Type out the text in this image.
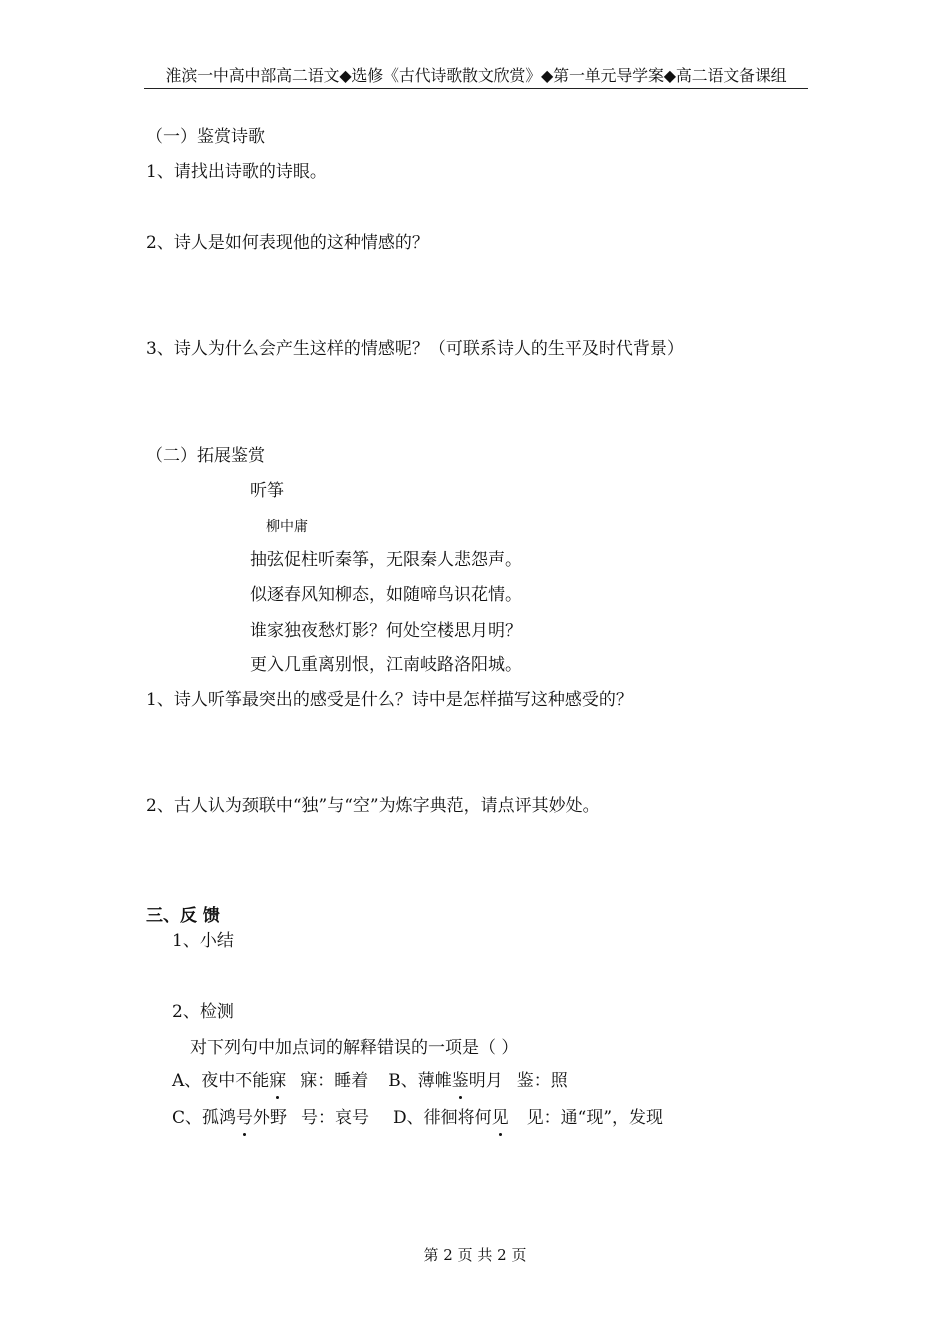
淮滨一中高中部高二语文◆选修《古代诗歌散文欣赏》◆第一单元导学案◆高二语文备课组
（一）鉴赏诗歌
1、请找出诗歌的诗眼。
2、诗人是如何表现他的这种情感的？
3、诗人为什么会产生这样的情感呢？（可联系诗人的生平及时代背景）
（二）拓展鉴赏
听筝
柳中庸
抽弦促柱听秦筝，无限秦人悲怨声。
似逐春风知柳态，如随啼鸟识花情。
谁家独夜愁灯影？何处空楼思月明？
更入几重离别恨，江南岐路洛阳城。
1、诗人听筝最突出的感受是什么？诗中是怎样描写这种感受的？
2、古人认为颈联中“独”与“空”为炼字典范，请点评其妙处。
三、反 馈
1、小结
2、检测
对下列句中加点词的解释错误的一项是（ ）
A、夜中不能寐 寐：睡着 B、薄帷鉴明月 鉴：照
C、孤鸿号外野 号：哀号 D、徘徊将何见 见：通“现”，发现
第 2 页 共 2 页
